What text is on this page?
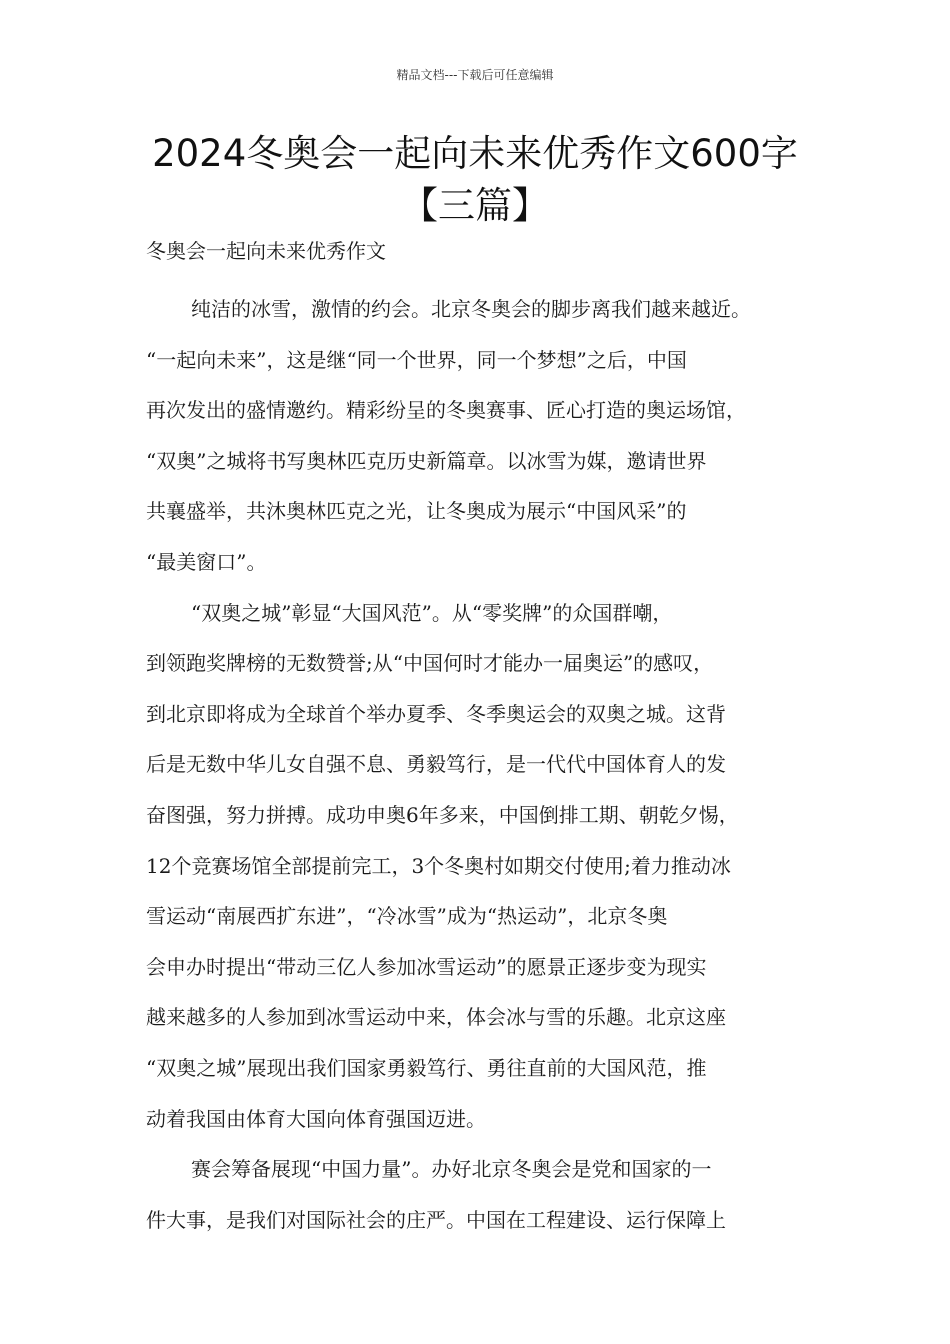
精品文档---下载后可任意编辑
2024冬奥会一起向未来优秀作文600字
【三篇】

冬奥会一起向未来优秀作文

纯洁的冰雪，激情的约会。北京冬奥会的脚步离我们越来越近。
“一起向未来”，这是继“同一个世界，同一个梦想”之后，中国
再次发出的盛情邀约。精彩纷呈的冬奥赛事、匠心打造的奥运场馆，
“双奥”之城将书写奥林匹克历史新篇章。以冰雪为媒，邀请世界
共襄盛举，共沐奥林匹克之光，让冬奥成为展示“中国风采”的
“最美窗口”。

“双奥之城”彰显“大国风范”。从“零奖牌”的众国群嘲，
到领跑奖牌榜的无数赞誉;从“中国何时才能办一届奥运”的感叹，
到北京即将成为全球首个举办夏季、冬季奥运会的双奥之城。这背
后是无数中华儿女自强不息、勇毅笃行，是一代代中国体育人的发
奋图强，努力拼搏。成功申奥6年多来，中国倒排工期、朝乾夕惕，
12个竞赛场馆全部提前完工，3个冬奥村如期交付使用;着力推动冰
雪运动“南展西扩东进”，“冷冰雪”成为“热运动”，北京冬奥
会申办时提出“带动三亿人参加冰雪运动”的愿景正逐步变为现实
越来越多的人参加到冰雪运动中来，体会冰与雪的乐趣。北京这座
“双奥之城”展现出我们国家勇毅笃行、勇往直前的大国风范，推
动着我国由体育大国向体育强国迈进。

赛会筹备展现“中国力量”。办好北京冬奥会是党和国家的一
件大事，是我们对国际社会的庄严。中国在工程建设、运行保障上
